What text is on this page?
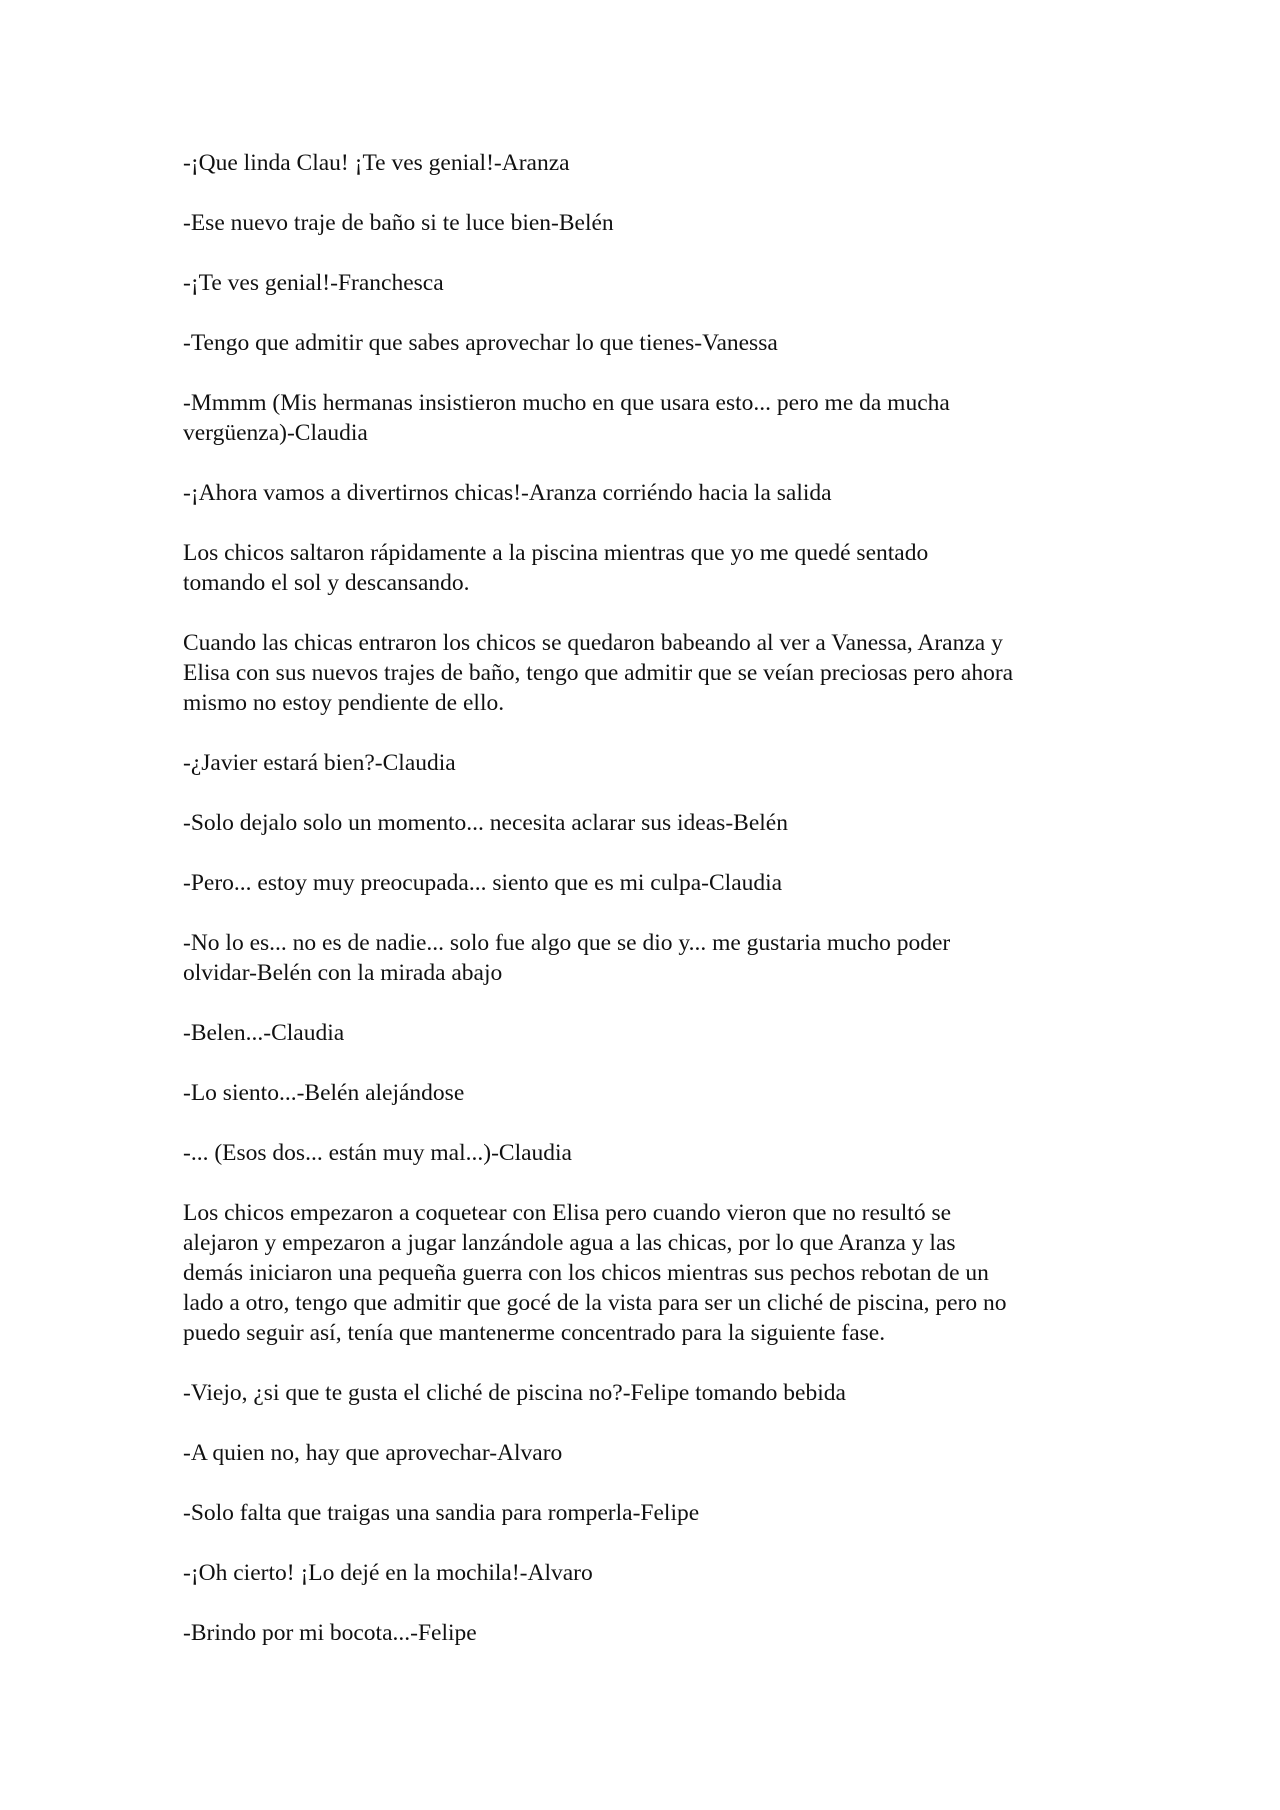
-¡Que linda Clau! ¡Te ves genial!-Aranza

-Ese nuevo traje de baño si te luce bien-Belén

-¡Te ves genial!-Franchesca

-Tengo que admitir que sabes aprovechar lo que tienes-Vanessa

-Mmmm (Mis hermanas insistieron mucho en que usara esto... pero me da mucha
vergüenza)-Claudia

-¡Ahora vamos a divertirnos chicas!-Aranza corriéndo hacia la salida

Los chicos saltaron rápidamente a la piscina mientras que yo me quedé sentado
tomando el sol y descansando.

Cuando las chicas entraron los chicos se quedaron babeando al ver a Vanessa, Aranza y
Elisa con sus nuevos trajes de baño, tengo que admitir que se veían preciosas pero ahora
mismo no estoy pendiente de ello.

-¿Javier estará bien?-Claudia

-Solo dejalo solo un momento... necesita aclarar sus ideas-Belén

-Pero... estoy muy preocupada... siento que es mi culpa-Claudia

-No lo es... no es de nadie... solo fue algo que se dio y... me gustaria mucho poder
olvidar-Belén con la mirada abajo

-Belen...-Claudia

-Lo siento...-Belén alejándose

-... (Esos dos... están muy mal...)-Claudia

Los chicos empezaron a coquetear con Elisa pero cuando vieron que no resultó se
alejaron y empezaron a jugar lanzándole agua a las chicas, por lo que Aranza y las
demás iniciaron una pequeña guerra con los chicos mientras sus pechos rebotan de un
lado a otro, tengo que admitir que gocé de la vista para ser un cliché de piscina, pero no
puedo seguir así, tenía que mantenerme concentrado para la siguiente fase.

-Viejo, ¿si que te gusta el cliché de piscina no?-Felipe tomando bebida

-A quien no, hay que aprovechar-Alvaro

-Solo falta que traigas una sandia para romperla-Felipe

-¡Oh cierto! ¡Lo dejé en la mochila!-Alvaro

-Brindo por mi bocota...-Felipe
